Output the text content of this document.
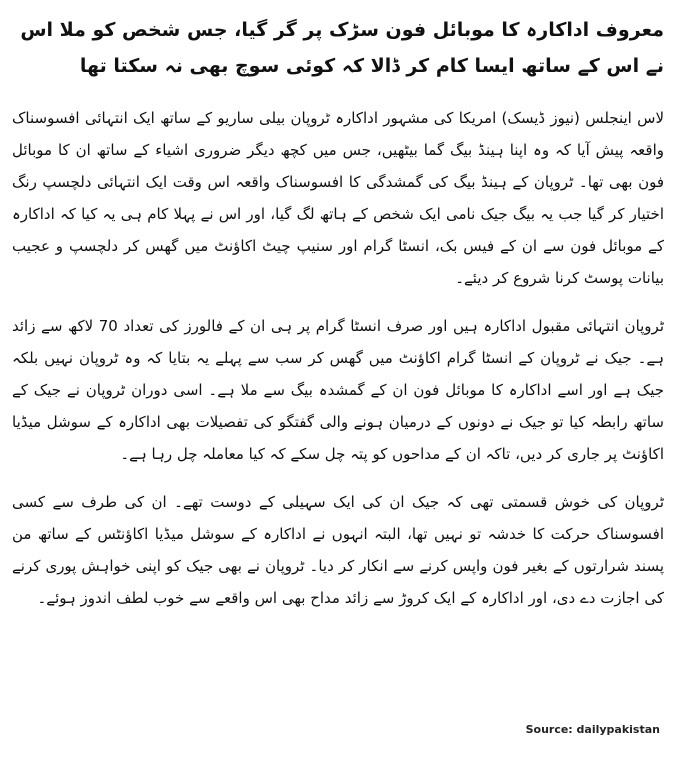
معروف اداکارہ کا موبائل فون سڑک پر گر گیا، جس شخص کو ملا اس نے اس کے ساتھ ایسا کام کر ڈالا کہ کوئی سوچ بھی نہ سکتا تھا

لاس اینجلس (نیوز ڈیسک) امریکا کی مشہور اداکارہ ٹروپان بیلی ساریو کے ساتھ ایک انتہائی افسوسناک واقعہ پیش آیا کہ وہ اپنا ہینڈ بیگ گما بیٹھیں، جس میں کچھ دیگر ضروری اشیاء کے ساتھ ان کا موبائل فون بھی تھا۔ ٹروپان کے ہینڈ بیگ کی گمشدگی کا افسوسناک واقعہ اس وقت ایک انتہائی دلچسپ رنگ اختیار کر گیا جب یہ بیگ جیک نامی ایک شخص کے ہاتھ لگ گیا، اور اس نے پہلا کام ہی یہ کیا کہ اداکارہ کے موبائل فون سے ان کے فیس بک، انسٹا گرام اور سنیپ چیٹ اکاﺅنٹ میں گھس کر دلچسپ و عجیب بیانات پوسٹ کرنا شروع کر دیئے۔

ٹروپان انتہائی مقبول اداکارہ ہیں اور صرف انسٹا گرام پر ہی ان کے فالورز کی تعداد 70 لاکھ سے زائد ہے۔ جیک نے ٹروپان کے انسٹا گرام اکاﺅنٹ میں گھس کر سب سے پہلے یہ بتایا کہ وہ ٹروپان نہیں بلکہ جیک ہے اور اسے اداکارہ کا موبائل فون ان کے گمشدہ بیگ سے ملا ہے۔ اسی دوران ٹروپان نے جیک کے ساتھ رابطہ کیا تو جیک نے دونوں کے درمیان ہونے والی گفتگو کی تفصیلات بھی اداکارہ کے سوشل میڈیا اکاﺅنٹ پر جاری کر دیں، تاکہ ان کے مداحوں کو پتہ چل سکے کہ کیا معاملہ چل رہا ہے۔

ٹروپان کی خوش قسمتی تھی کہ جیک ان کی ایک سہیلی کے دوست تھے۔ ان کی طرف سے کسی افسوسناک حرکت کا خدشہ تو نہیں تھا، البتہ انہوں نے اداکارہ کے سوشل میڈیا اکاﺅنٹس کے ساتھ من پسند شرارتوں کے بغیر فون واپس کرنے سے انکار کر دیا۔ ٹروپان نے بھی جیک کو اپنی خواہش پوری کرنے کی اجازت دے دی، اور اداکارہ کے ایک کروڑ سے زائد مداح بھی اس واقعے سے خوب لطف اندوز ہوئے۔

Source: dailypakistan
